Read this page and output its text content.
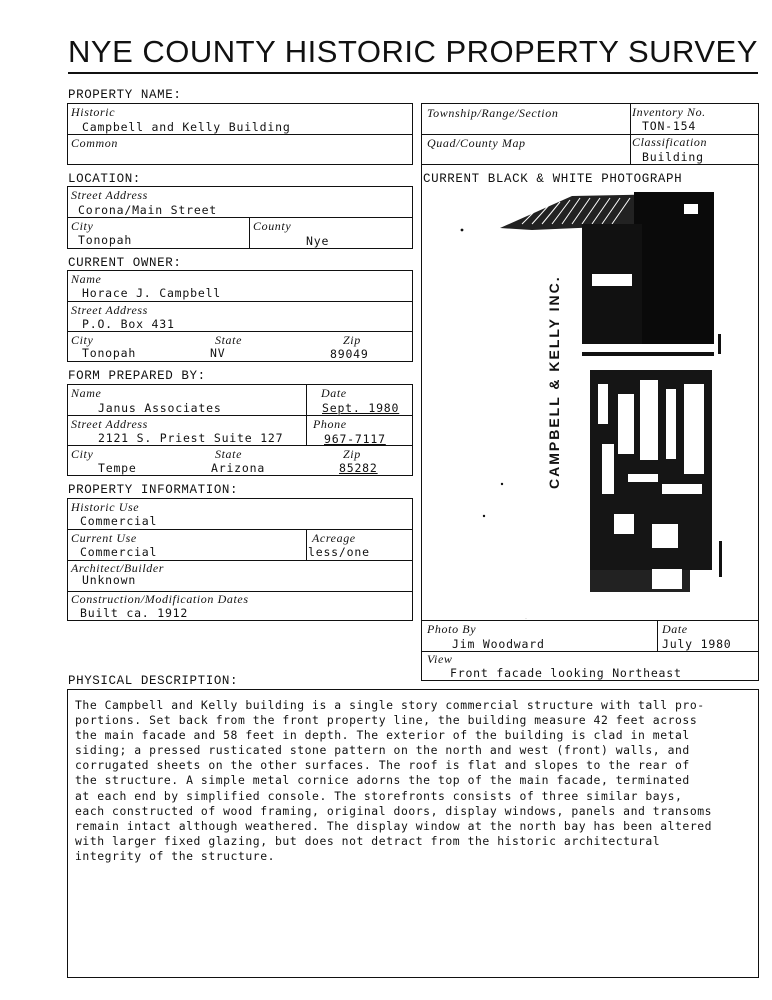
NYE COUNTY HISTORIC PROPERTY SURVEY
PROPERTY NAME:
Historic
Campbell and Kelly Building
Common
LOCATION:
Street Address
Corona/Main Street
City
Tonopah
County
Nye
CURRENT OWNER:
Name
Horace J. Campbell
Street Address
P.O. Box 431
City
Tonopah
State
NV
Zip
89049
FORM PREPARED BY:
Name
Janus Associates
Date
Sept. 1980
Street Address
2121 S. Priest Suite 127
Phone
967-7117
City
Tempe
State
Arizona
Zip
85282
PROPERTY INFORMATION:
Historic Use
Commercial
Current Use
Commercial
Acreage
less/one
Architect/Builder
Unknown
Construction/Modification Dates
Built ca. 1912
Township/Range/Section	Inventory No.
TON-154
Quad/County Map	Classification
Building
CURRENT BLACK & WHITE PHOTOGRAPH
CAMPBELL & KELLY INC.
Photo By
Jim Woodward
Date
July 1980
View
Front facade looking Northeast
PHYSICAL DESCRIPTION:
The Campbell and Kelly building is a single story commercial structure with tall pro-
portions. Set back from the front property line, the building measure 42 feet across
the main facade and 58 feet in depth. The exterior of the building is clad in metal
siding; a pressed rusticated stone pattern on the north and west (front) walls, and
corrugated sheets on the other surfaces. The roof is flat and slopes to the rear of
the structure. A simple metal cornice adorns the top of the main facade, terminated
at each end by simplified console. The storefronts consists of three similar bays,
each constructed of wood framing, original doors, display windows, panels and transoms
remain intact although weathered. The display window at the north bay has been altered
with larger fixed glazing, but does not detract from the historic architectural
integrity of the structure.
